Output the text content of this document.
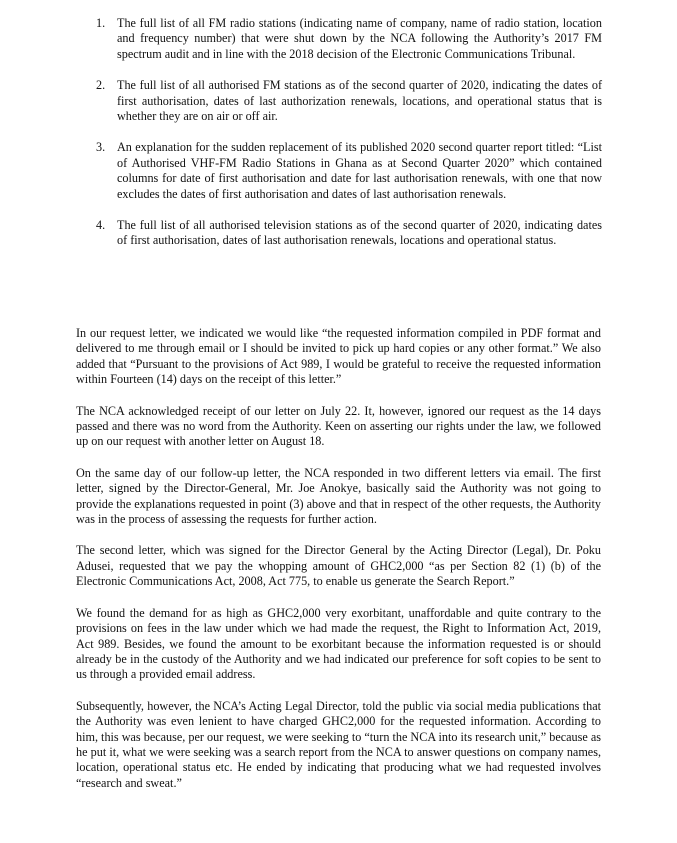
1. The full list of all FM radio stations (indicating name of company, name of radio station, location and frequency number) that were shut down by the NCA following the Authority’s 2017 FM spectrum audit and in line with the 2018 decision of the Electronic Communications Tribunal.
2. The full list of all authorised FM stations as of the second quarter of 2020, indicating the dates of first authorisation, dates of last authorization renewals, locations, and operational status that is whether they are on air or off air.
3. An explanation for the sudden replacement of its published 2020 second quarter report titled: “List of Authorised VHF-FM Radio Stations in Ghana as at Second Quarter 2020” which contained columns for date of first authorisation and date for last authorisation renewals, with one that now excludes the dates of first authorisation and dates of last authorisation renewals.
4. The full list of all authorised television stations as of the second quarter of 2020, indicating dates of first authorisation, dates of last authorisation renewals, locations and operational status.

In our request letter, we indicated we would like “the requested information compiled in PDF format and delivered to me through email or I should be invited to pick up hard copies or any other format.” We also added that “Pursuant to the provisions of Act 989, I would be grateful to receive the requested information within Fourteen (14) days on the receipt of this letter.”

The NCA acknowledged receipt of our letter on July 22. It, however, ignored our request as the 14 days passed and there was no word from the Authority. Keen on asserting our rights under the law, we followed up on our request with another letter on August 18.

On the same day of our follow-up letter, the NCA responded in two different letters via email. The first letter, signed by the Director-General, Mr. Joe Anokye, basically said the Authority was not going to provide the explanations requested in point (3) above and that in respect of the other requests, the Authority was in the process of assessing the requests for further action.

The second letter, which was signed for the Director General by the Acting Director (Legal), Dr. Poku Adusei, requested that we pay the whopping amount of GHC2,000 “as per Section 82 (1) (b) of the Electronic Communications Act, 2008, Act 775, to enable us generate the Search Report.”

We found the demand for as high as GHC2,000 very exorbitant, unaffordable and quite contrary to the provisions on fees in the law under which we had made the request, the Right to Information Act, 2019, Act 989. Besides, we found the amount to be exorbitant because the information requested is or should already be in the custody of the Authority and we had indicated our preference for soft copies to be sent to us through a provided email address.

Subsequently, however, the NCA’s Acting Legal Director, told the public via social media publications that the Authority was even lenient to have charged GHC2,000 for the requested information. According to him, this was because, per our request, we were seeking to “turn the NCA into its research unit,” because as he put it, what we were seeking was a search report from the NCA to answer questions on company names, location, operational status etc. He ended by indicating that producing what we had requested involves “research and sweat.”
